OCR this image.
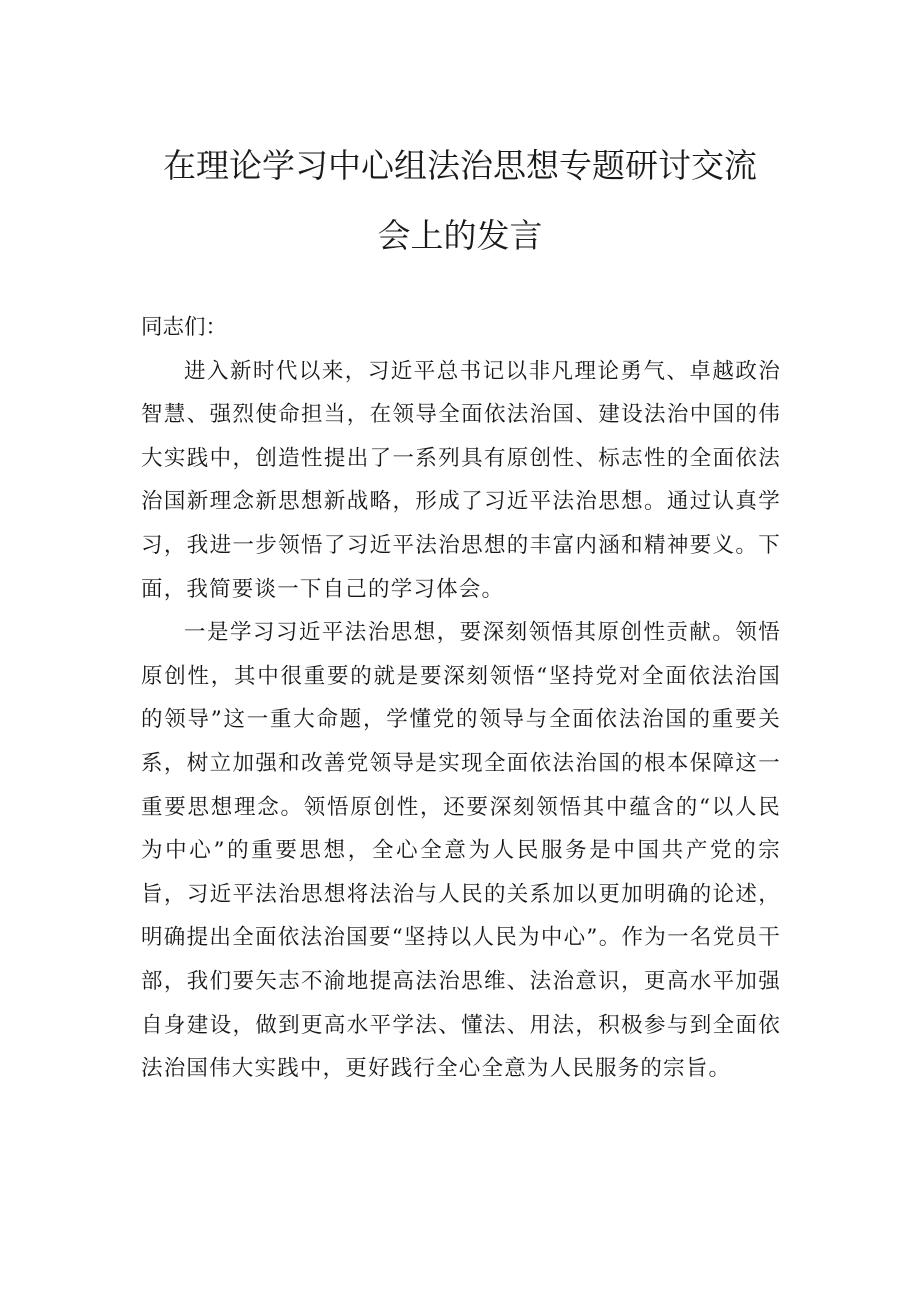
在理论学习中心组法治思想专题研讨交流
会上的发言

同志们：

进入新时代以来，习近平总书记以非凡理论勇气、卓越政治智慧、强烈使命担当，在领导全面依法治国、建设法治中国的伟大实践中，创造性提出了一系列具有原创性、标志性的全面依法治国新理念新思想新战略，形成了习近平法治思想。通过认真学习，我进一步领悟了习近平法治思想的丰富内涵和精神要义。下面，我简要谈一下自己的学习体会。

一是学习习近平法治思想，要深刻领悟其原创性贡献。领悟原创性，其中很重要的就是要深刻领悟“坚持党对全面依法治国的领导”这一重大命题，学懂党的领导与全面依法治国的重要关系，树立加强和改善党领导是实现全面依法治国的根本保障这一重要思想理念。领悟原创性，还要深刻领悟其中蕴含的“以人民为中心”的重要思想，全心全意为人民服务是中国共产党的宗旨，习近平法治思想将法治与人民的关系加以更加明确的论述，明确提出全面依法治国要“坚持以人民为中心”。作为一名党员干部，我们要矢志不渝地提高法治思维、法治意识，更高水平加强自身建设，做到更高水平学法、懂法、用法，积极参与到全面依法治国伟大实践中，更好践行全心全意为人民服务的宗旨。
